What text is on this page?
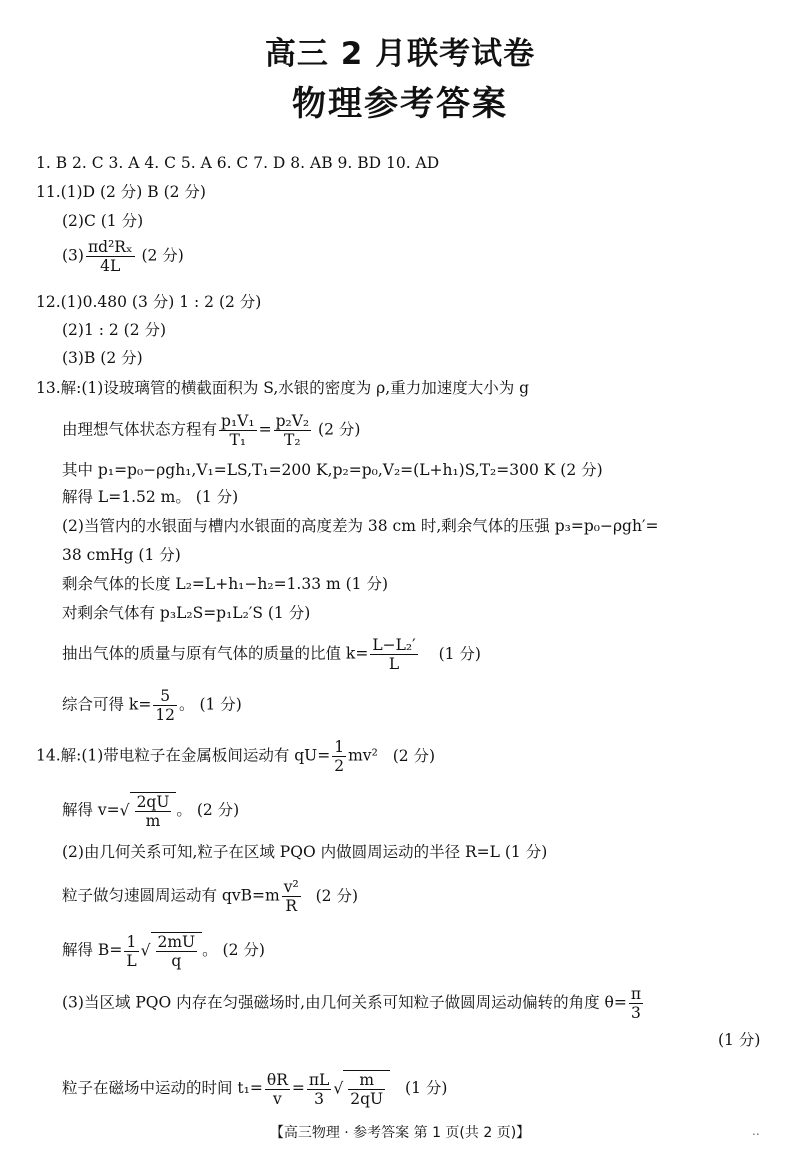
高三 2 月联考试卷
物理参考答案
1. B 2. C 3. A 4. C 5. A 6. C 7. D 8. AB 9. BD 10. AD
11.(1)D (2 分) B (2 分)
(2)C (1 分)
$(3) \frac{\text{πd²Rₓ}}{4L} (2$ 分)
12.(1)0.480 (3 分) 1 : 2 (2 分)
(2)1 : 2 (2 分)
(3)B (2 分)
13.解:(1)设玻璃管的横截面积为 S,水银的密度为 ρ,重力加速度大小为 g
由理想气体状态方程有 $\frac{\text{p₁V₁}}{\text{T₁}} = \frac{\text{p₂V₂}}{\text{T₂}} (2$ 分)
其中 p₁=p₀−ρgh₁,V₁=LS,T₁=200 K,p₂=p₀,V₂=(L+h₁)S,T₂=300 K (2 分)
解得 L=1.52 m。 (1 分)
(2)当管内的水银面与槽内水银面的高度差为 38 cm 时,剩余气体的压强 p₃=p₀−ρgh′=
38 cmHg (1 分)
剩余气体的长度 L₂=L+h₁−h₂=1.33 m (1 分)
对剩余气体有 p₃L₂S=p₁L₂′S (1 分)
抽出气体的质量与原有气体的质量的比值 $k= \frac{\text{L−L₂′}}{L} (1$ 分)
综合可得 $k= \frac{5}{12}$ 。 (1 分)
14.解:(1)带电粒子在金属板间运动有 $qU= \frac{1}{2} mv^2$ (2 分)
解得 $v=√ \frac{2qU}{m}$ 。 (2 分)
(2)由几何关系可知,粒子在区域 PQO 内做圆周运动的半径 R=L (1 分)
粒子做匀速圆周运动有 $qvB=m \frac{\text{v²}}{R} (2$ 分)
解得 $B= \frac{1}{L}$ √ $\frac{2mU}{q}$ 。 (2 分)
(3)当区域 PQO 内存在匀强磁场时,由几何关系可知粒子做圆周运动偏转的角度 $\theta= \frac{\pi}{3}$
(1 分)
粒子在磁场中运动的时间 $t_1= \frac{\theta R}{v} = \frac{\pi L}{3}$ √ $\frac{m}{2qU} (1$ 分)
【高三物理 · 参考答案 第 1 页(共 2 页)】	..
